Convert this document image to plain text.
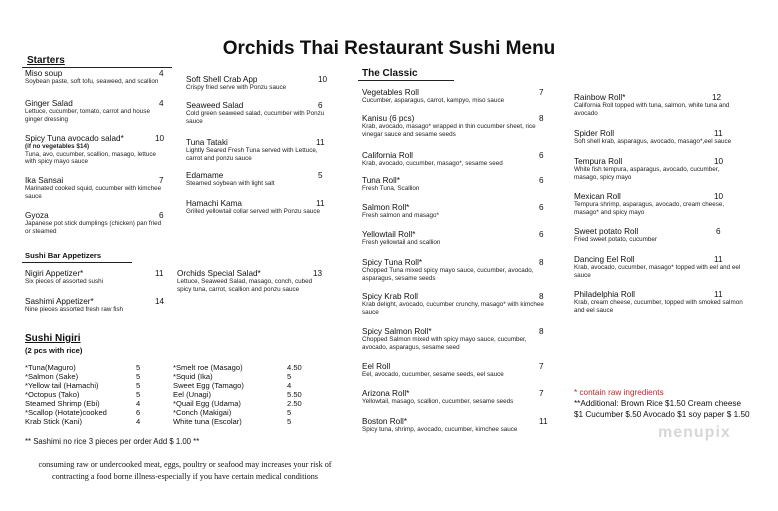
Orchids Thai Restaurant Sushi Menu
Starters
Miso soup	4
Soybean paste, soft tofu, seaweed, and scallion
Ginger Salad	4
Lettuce, cucumber, tomato, carrot and house ginger dressing
Spicy Tuna avocado salad*	10
(if no vegetables $14)
Tuna, avo, cucumber, scallion, masago, lettuce with spicy mayo sauce
Ika Sansai	7
Marinated cooked squid, cucumber with kimchee sauce
Gyoza	6
Japanese pot stick dumplings (chicken) pan fried or steamed
Soft Shell Crab App	10
Crispy fried serve with Ponzu sauce
Seaweed Salad	6
Cold green seaweed salad, cucumber with Ponzu sauce
Tuna Tataki	11
Lightly Seared Fresh Tuna served with Lettuce, carrot and ponzu sauce
Edamame	5
Steamed soybean with light salt
Hamachi Kama	11
Grilled yellowtail collar served with Ponzu sauce
Sushi Bar Appetizers
Nigiri Appetizer*	11
Six pieces of assorted sushi
Sashimi Appetizer*	14
Nine pieces assorted fresh raw fish
Orchids Special Salad*	13
Lettuce, Seaweed Salad, masago, conch, cubed spicy tuna, carrot, scallion and ponzu sauce
Sushi Nigiri
(2 pcs with rice)
*Tuna(Maguro)	5
*Salmon (Sake)	5
*Yellow tail (Hamachi)	5
*Octopus (Tako)	5
Steamed Shrimp (Ebi)	4
*Scallop (Hotate)cooked	6
Krab Stick (Kani)	4
*Smelt roe (Masago)	4.50
*Squid (Ika)	5
Sweet Egg (Tamago)	4
Eel (Unagi)	5.50
*Quail Egg (Udama)	2.50
*Conch (Makigai)	5
White tuna (Escolar)	5
** Sashimi no rice 3 pieces per order Add $ 1.00 **
consuming raw or undercooked meat, eggs, poultry or seafood may increases your risk of
contracting a food borne illness-especially if you have certain medical conditions
The Classic
Vegetables Roll	7
Cucumber, asparagus, carrot, kampyo, miso sauce
Kanisu (6 pcs)	8
Krab, avocado, masago* wrapped in thin cucumber sheet, rice vinegar sauce and sesame seeds
California Roll	6
Krab, avocado, cucumber, masago*, sesame seed
Tuna Roll*	6
Fresh Tuna, Scallion
Salmon Roll*	6
Fresh salmon and masago*
Yellowtail Roll*	6
Fresh yellowtail and scallion
Spicy Tuna Roll*	8
Chopped Tuna mixed spicy mayo sauce, cucumber, avocado, asparagus, sesame seeds
Spicy Krab Roll	8
Krab delight, avocado, cucumber crunchy, masago* with kimchee sauce
Spicy Salmon Roll*	8
Chopped Salmon mixed with spicy mayo sauce, cucumber, avocado, asparagus, sesame seed
Eel Roll	7
Eel, avocado, cucumber, sesame seeds, eel sauce
Arizona Roll*	7
Yellowtail, masago, scallion, cucumber, sesame seeds
Boston Roll*	11
Spicy tuna, shrimp, avocado, cucumber, kimchee sauce
Rainbow Roll*	12
California Roll topped with tuna, salmon, white tuna and avocado
Spider Roll	11
Soft shell krab, asparagus, avocado, masago*,eel sauce
Tempura Roll	10
White fish tempura, asparagus, avocado, cucumber, masago, spicy mayo
Mexican Roll	10
Tempura shrimp, asparagus, avocado, cream cheese, masago* and spicy mayo
Sweet potato Roll	6
Fried sweet potato, cucumber
Dancing Eel Roll	11
Krab, avocado, cucumber, masago* topped with eel and eel sauce
Philadelphia Roll	11
Krab, cream cheese, cucumber, topped with smoked salmon and eel sauce
* contain raw ingredients
**Additional: Brown Rice $1.50 Cream cheese $1 Cucumber $.50 Avocado $1 soy paper $ 1.50
menupix
